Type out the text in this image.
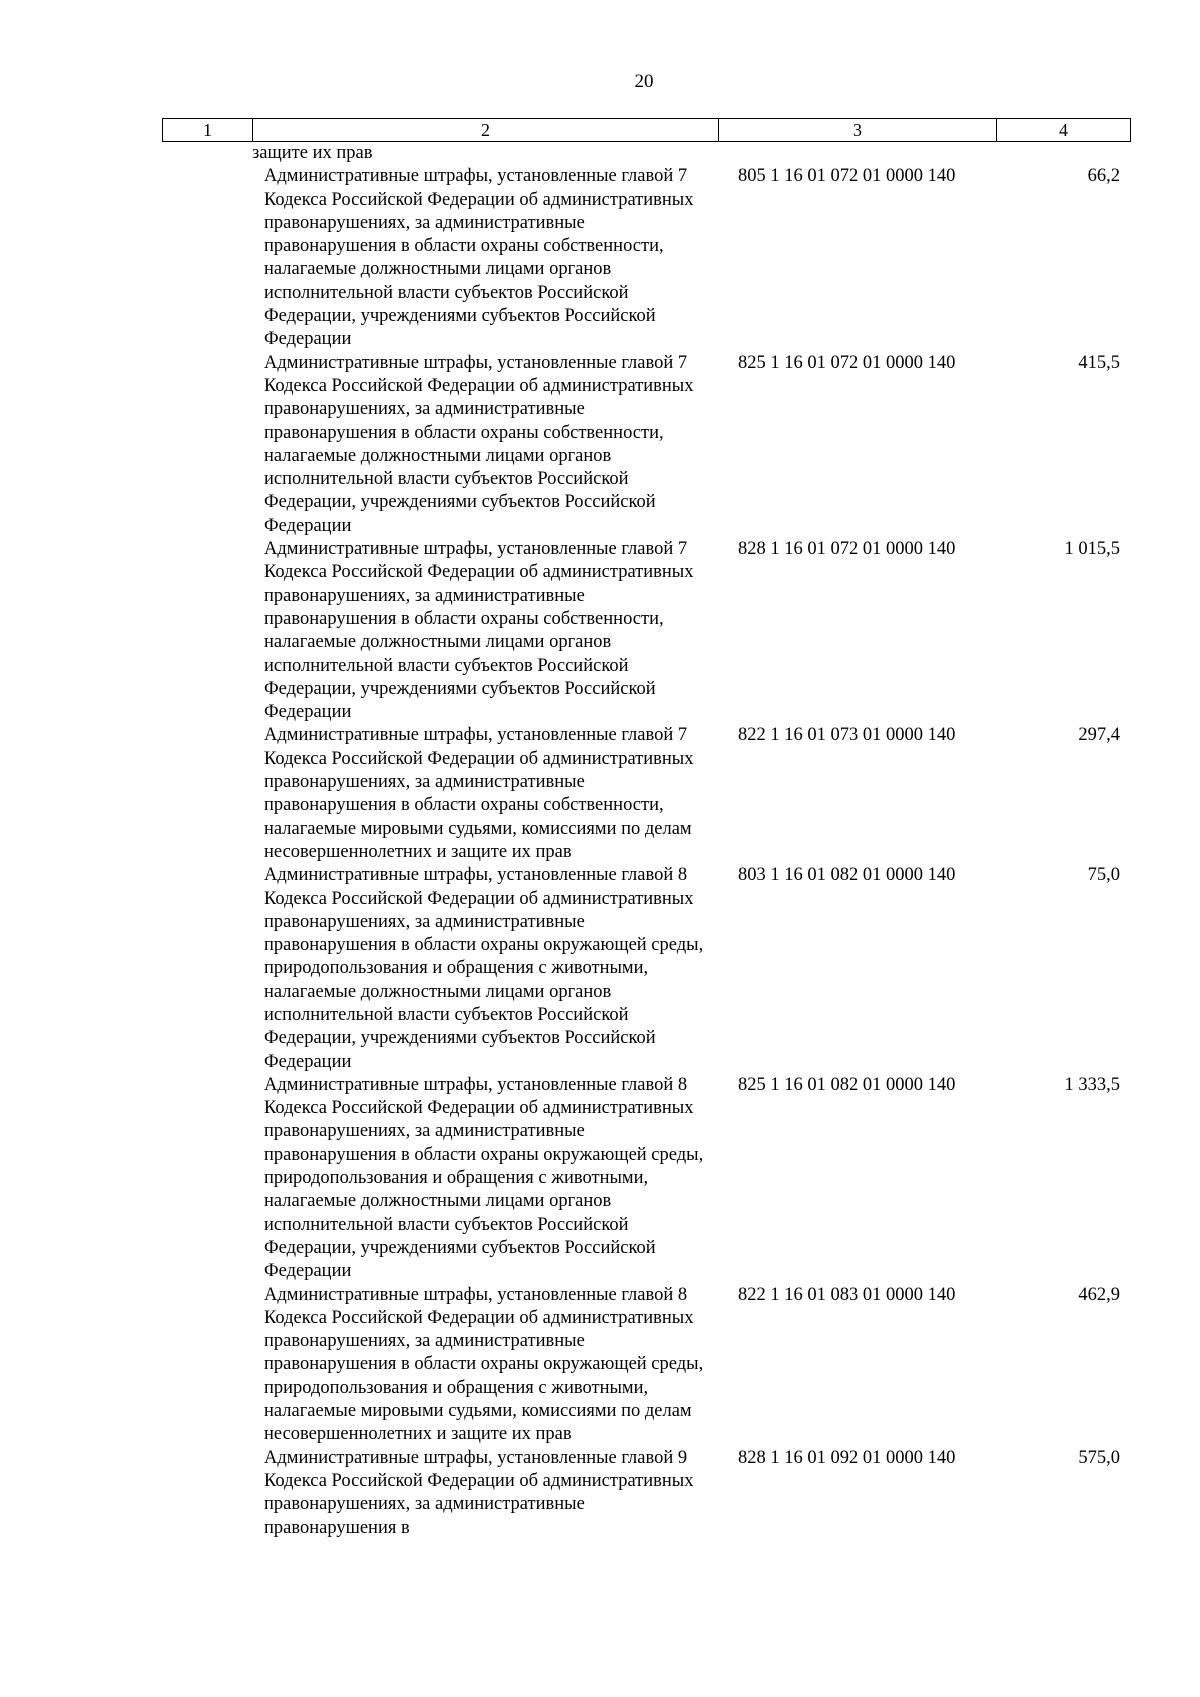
20
1	2	3	4
	защите их прав		
	Административные штрафы, установленные главой 7 Кодекса Российской Федерации об административных правонарушениях, за административные правонарушения в области охраны собственности, налагаемые должностными лицами органов исполнительной власти субъектов Российской Федерации, учреждениями субъектов Российской Федерации	805 1 16 01 072 01 0000 140	66,2
	Административные штрафы, установленные главой 7 Кодекса Российской Федерации об административных правонарушениях, за административные правонарушения в области охраны собственности, налагаемые должностными лицами органов исполнительной власти субъектов Российской Федерации, учреждениями субъектов Российской Федерации	825 1 16 01 072 01 0000 140	415,5
	Административные штрафы, установленные главой 7 Кодекса Российской Федерации об административных правонарушениях, за административные правонарушения в области охраны собственности, налагаемые должностными лицами органов исполнительной власти субъектов Российской Федерации, учреждениями субъектов Российской Федерации	828 1 16 01 072 01 0000 140	1 015,5
	Административные штрафы, установленные главой 7 Кодекса Российской Федерации об административных правонарушениях, за административные правонарушения в области охраны собственности, налагаемые мировыми судьями, комиссиями по делам несовершеннолетних и защите их прав	822 1 16 01 073 01 0000 140	297,4
	Административные штрафы, установленные главой 8 Кодекса Российской Федерации об административных правонарушениях, за административные правонарушения в области охраны окружающей среды, природопользования и обращения с животными, налагаемые должностными лицами органов исполнительной власти субъектов Российской Федерации, учреждениями субъектов Российской Федерации	803 1 16 01 082 01 0000 140	75,0
	Административные штрафы, установленные главой 8 Кодекса Российской Федерации об административных правонарушениях, за административные правонарушения в области охраны окружающей среды, природопользования и обращения с животными, налагаемые должностными лицами органов исполнительной власти субъектов Российской Федерации, учреждениями субъектов Российской Федерации	825 1 16 01 082 01 0000 140	1 333,5
	Административные штрафы, установленные главой 8 Кодекса Российской Федерации об административных правонарушениях, за административные правонарушения в области охраны окружающей среды, природопользования и обращения с животными, налагаемые мировыми судьями, комиссиями по делам несовершеннолетних и защите их прав	822 1 16 01 083 01 0000 140	462,9
	Административные штрафы, установленные главой 9 Кодекса Российской Федерации об административных правонарушениях, за административные правонарушения в	828 1 16 01 092 01 0000 140	575,0
